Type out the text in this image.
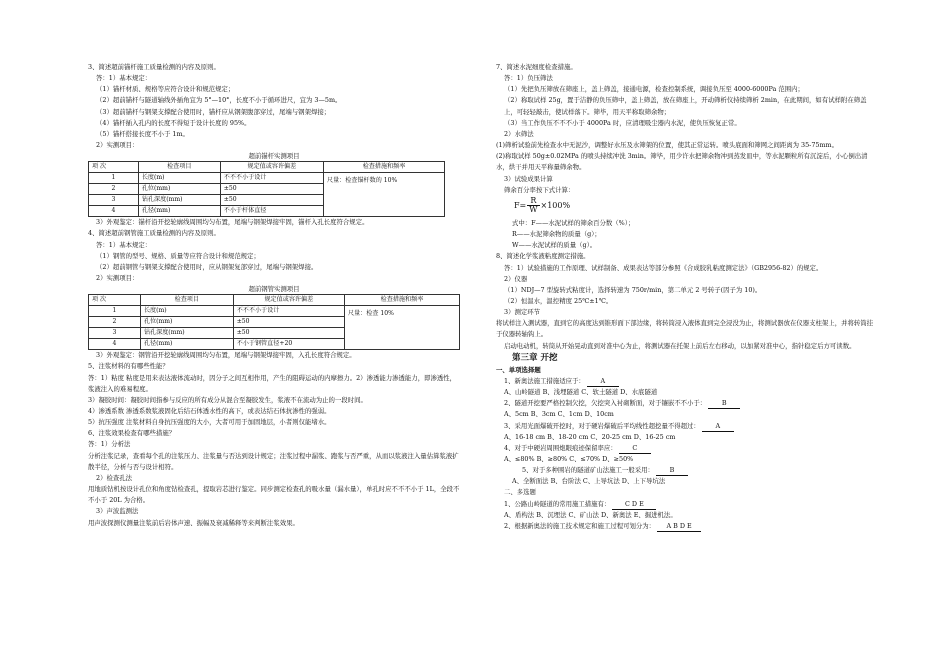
3、简述超前锚杆施工质量检测的内容及原则。
答：1）基本规定：
（1）锚杆材质、规格等应符合设计和规范规定；
（2）超前锚杆与隧道轴线外插角宜为 5°—10°，长度不小于循环进尺，宜为 3—5m。
（3）超前锚杆与钢架支撑配合使用时，锚杆应从钢架腹部穿过，尾端与钢架焊接；
（4）锚杆插入孔内的长度不得短于设计长度的 95%。
（5）锚杆搭接长度不小于 1m。
2）实测项目：
超前锚杆实测项目
项 次	检查项目	规定值或容许偏差	检查措施和频率
1	长度(m)	不不不小于设计	尺量：检查锚杆数的 10%
2	孔位(mm)	±50	
3	钻孔深度(mm)	±50	
4	孔径(mm)	不小于杆体直径	
3）外观鉴定：锚杆沿开挖轮廓线周围均匀布置，尾端与钢架焊接牢固，锚杆入孔长度符合规定。
4、简述超前钢管施工质量检测的内容及原则。
答：1）基本规定：
（1）钢管的型号、规格、质量等应符合设计和规范规定；
（2）超前钢管与钢架支撑配合使用时，应从钢架复部穿过，尾端与钢架焊接。
2）实测项目：
超前钢管实测项目
项 次	检查项目	规定值或容许偏差	检查措施和频率
1	长度(m)	不不不小于设计	尺量：检查 10%
2	孔位(mm)	±50	
3	钻孔深度(mm)	±50	
4	孔径(mm)	不小于钢管直径+20	
3）外观鉴定：钢管沿开挖轮廓线周围均匀布置，尾端与钢架焊接牢固，入孔长度符合规定。
5、注浆材料的有哪些性能？
答：1）粘度 粘度是用来表达液体流动时，因分子之间互相作用，产生的阻碍运动的内摩擦力。2）渗透能力渗透能力，即渗透性，浆液注入的难易程度。
3）凝胶时间：凝胶时间指参与反应的所有成分从混合至凝胶发生，浆液不在流动为止的一段时间。
4）渗透系数 渗透系数浆液固化后结石体透水性的高下，或表达结石体抗渗性的强弱。
5）抗压强度 注浆材料自身抗压强度的大小，大者可用于加固地层，小者则仅能堵水。
6、注浆效果检查有哪些措施？
答：1）分析法
分析注浆记录，查看每个孔的注浆压力、注浆量与否达到设计规定；注浆过程中漏浆、跑浆与否严重，从而以浆液注入量估算浆液扩散半径，分析与否与设计相符。
2）检查孔法
用地质钻机按设计孔位和角度钻检查孔，提取岩芯进行鉴定。同步测定检查孔的吸水量（漏水量），单孔时应不不不小于 1L，全段不不小于 20L 为合格。
3）声波监测法
用声波探测仪测量注浆前后岩体声速、振幅及衰减稀释等来判断注浆效果。
7、简述水泥细度检查措施。
答：1）负压筛法
（1）先把负压筛放在筛座上，盖上筛盖，接通电源，检查控制系统，调接负压至 4000-6000Pa 范围内；
（2）称取试样 25g，置于洁静的负压筛中，盖上筛盖，放在筛座上，开动筛析仪持续筛析 2min，在此期间，如有试样附在筛盖上，可轻轻敲击，使试样落下。筛毕，用天平称取筛余物；
（3）当工作负压不不不小于 4000Pa 时，应清理吸尘器内水泥，使负压恢复正常。
2）水筛法
(1)筛析试验前先检查水中无泥沙，调整好水压及水筛架的位置，使其正常运转。喷头底面和筛网之间距离为 35-75mm。
(2)称取试样 50g±0.02MPa 的喷头持续冲洗 3min。筛毕，用少许水把筛余物冲到蒸发皿中，等水泥颗粒所有沉淀后，小心倒出清水，烘干并用天平称量筛余物。
3）试验成果计算
筛余百分率按下式计算：
$F= \frac{R}{W} \times 100\%$
式中：F——水泥试样的筛余百分数（%）；
R——水泥筛余物的质量（g）；
W——水泥试样的质量（g）。
8、简述化学浆液粘度测定措施。
答：1）试验措施的工作原理、试样制备、成果表达等部分参照《合成胶乳粘度测定法》（GB2956-82）的规定。
2）仪器
（1）NDJ—7 型旋转式粘度计，选择转速为 750r/min，第二单元 2 号转子(因子为 10)。
（2）恒温水，温控精度 25℃±1℃。
3）测定环节
将试样注入测试器，直到它的高度达到锥形面下部边缘，将转筒浸入液体直到完全浸没为止，将测试器放在仪器支柱架上，并将转筒挂于仪器转轴钩上。
启动电动机，转筒从开始晃动直到对准中心为止，将测试器在托架上前后左右移动，以加紧对准中心，指针稳定后方可读数。
第三章 开挖
一、单项选择题
1、新奥法施工措施适应于： A
A、山岭隧道 B、浅埋隧道 C、软土隧道 D、水底隧道
2、隧道开挖要严格控制欠挖，欠挖突入衬砌断面，对于镶嵌不不小于： B
A、5cm B、3cm C、1cm D、10cm
3、采用光面爆破开挖时，对于硬岩爆破后平均线性超挖量不得超过： A
A、16-18 cm B、18-20 cm C、20-25 cm D、16-25 cm
4、对于中硬岩周围炮眼痕迹保留率应： C
A、≤80% B、≥80% C、≤70% D、≥50%
5、对于多种围岩的隧道矿山法施工一般采用： B
A、全断面法 B、台阶法 C、上导坑法 D、上下导坑法
二、多选题
1、公路山岭隧道的常用施工措施有： C D E
A、盾构法 B、沉埋法 C、矿山法 D、新奥法 E、掘进机法。
2、根据新奥法的施工技术规定和施工过程可划分为： A B D E
